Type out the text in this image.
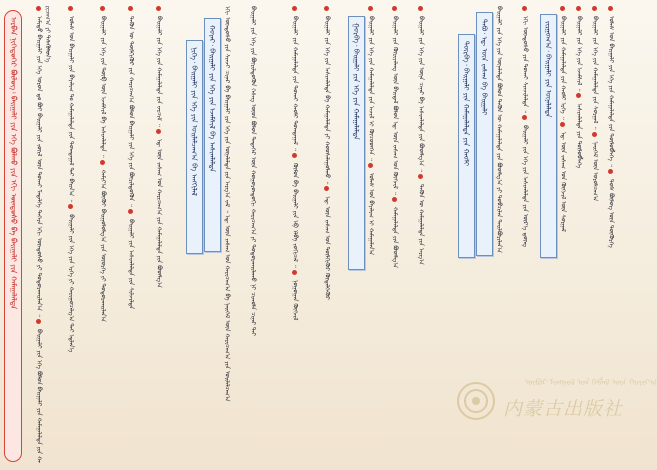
ᠠᠷᠪᠠᠨ ᠨᠢᠭᠡᠳᠦᠭᠡᠷ ᠪᠦᠯᠦᠭ᠄ ᠪᠠᠢᠭᠠᠯᠢ ᠶᠢᠨ ᠡᠬᠡ ᠪᠤᠯᠬᠤ ᠶᠢᠨ ᠡᠬᠢ ᠦᠨᠳᠦᠰᠦ ᠪᠠ ᠪᠠᠢᠭᠠᠯᠢ ᠶᠢᠨ ᠬᠠᠮᠠᠭᠠᠯᠠᠯᠲᠠ	ᠠᠮᠢᠳᠤ ᠪᠠᠢᠭᠠᠯᠢ ᠶᠢᠨ ᠡᠬᠡ ᠤᠷᠤᠨ ᠳᠤ ᠪᠤᠢ ᠪᠠᠢᠭᠠᠯᠢ ᠶᠢᠨ ᠵᠦᠢᠯ ᠦᠨ ᠲᠤᠬᠠᠢ ᠮᠡᠳᠡᠯᠭᠡ ᠳᠡᠭᠡᠷᠡ ᠡᠬᠢ ᠦᠨᠳᠦᠰᠦ ᠶᠢ ᠲᠣᠳᠣᠷᠬᠠᠢᠯᠠᠨ᠎ᠠ ᠃  ᠪᠠᠢᠭᠠᠯᠢ ᠶᠢᠨ ᠡᠬᠡ ᠪᠣᠯᠤᠨ ᠪᠠᠢᠭᠠᠯᠢ ᠶᠢᠨ ᠬᠠᠮᠠᠭᠠᠯᠠᠯᠲᠠ ᠶᠢᠨ ᠬᠠᠷᠢᠴᠠᠭ᠎ᠠ ᠶᠢ ᠲᠡᠯᠡᠭᠦᠯᠦᠨ᠎ᠡ	ᠤᠯᠠᠰ ᠤᠨ ᠪᠠᠢᠭᠠᠯᠢ ᠶᠢᠨ ᠪᠠᠶᠠᠯᠢᠭ ᠲᠤ ᠬᠠᠮᠠᠭᠠᠯᠠᠯᠲᠠ ᠶᠢᠨ ᠲᠣᠭᠲᠠᠭᠠᠯ ᠲᠠᠢ ᠪᠠᠢᠨ᠎ᠠ ᠃  ᠪᠠᠢᠭᠠᠯᠢ ᠶᠢᠨ ᠡᠬᠡ ᠶᠢᠨ ᠡᠷᠬᠡ ᠶᠢ ᠬᠠᠷᠢᠭᠤᠴᠠᠯᠭ᠎ᠠ ᠲᠠᠢ ᠡᠳ᠋ᠯᠡᠨ᠎ᠡ
ᠪᠠᠢᠭᠠᠯᠢ ᠶᠢᠨ ᠡᠬᠡ ᠶᠢᠨ ᠲᠦᠪ ᠦᠨ ᠡᠵᠡᠮᠰᠢᠯ ᠪᠠ ᠠᠰᠢᠭᠯᠠᠯᠲᠠ ᠃  ᠬᠠᠮᠢᠶ᠎ᠠ ᠪᠦᠬᠦᠢ ᠪᠠᠢᠭᠤᠯᠤᠯᠭ᠎ᠠ ᠶᠢᠨ ᠦᠦᠷᠭᠡ ᠶᠢ ᠲᠣᠳᠣᠷᠬᠠᠢᠯᠠᠨ᠎ᠠ
ᠲᠡᠭᠦᠨ ᠦ ᠲᠦᠯᠬᠢᠭᠦᠷ ᠶᠢᠨ ᠬᠠᠷᠢᠴᠠᠭ᠎ᠠ ᠪᠣᠯᠤᠨ ᠪᠠᠢᠭᠠᠯᠢ ᠶᠢᠨ ᠡᠬᠡ ᠶᠢᠨ ᠪᠦᠷᠢᠯᠳᠦᠭᠦᠨ ᠃  ᠪᠠᠢᠭᠠᠯᠢ ᠶᠢᠨ ᠠᠰᠢᠭᠯᠠᠯᠲᠠ ᠶᠢᠨ ᠰᠢᠯᠵᠢᠯᠲᠡ
ᠪᠠᠢᠭᠠᠯᠢ ᠶᠢᠨ ᠡᠬᠡ ᠶᠢᠨ ᠬᠠᠮᠠᠭᠠᠯᠠᠯᠲᠠ ᠶᠢᠨ ᠵᠠᠷᠴᠢᠮ ᠃  ᠡᠳ᠋ ᠦᠨ ᠵᠠᠰᠠᠭ ᠤᠨ ᠬᠠᠷᠢᠴᠠᠭ᠎ᠠ ᠶᠢᠨ ᠬᠠᠮᠠᠭᠠᠯᠠᠯᠲᠠ ᠶᠢᠨ ᠪᠣᠳᠯᠭ᠎ᠠ
ᠨᠢᠭᠡ᠂ ᠪᠠᠢᠭᠠᠯᠢ ᠶᠢᠨ ᠡᠬᠡ ᠶᠢᠨ ᠤᠢᠯᠠᠯᠴᠠᠭ᠎ᠠ ᠪᠠ ᠠᠩᠬᠢᠯᠠᠯ	ᠬᠣᠶᠠᠷ᠂ ᠪᠠᠢᠭᠠᠯᠢ ᠶᠢᠨ ᠡᠬᠡ ᠶᠢᠨ ᠡᠵᠡᠮᠰᠢᠯ ᠪᠠ ᠠᠰᠢᠭᠯᠠᠯᠲᠠ	ᠡᠬᠢ ᠦᠨᠳᠦᠰᠦ ᠶᠢᠨ ᠰᠢᠨᠵᠢ ᠴᠢᠨᠠᠷ ᠪᠠ ᠪᠠᠢᠭᠠᠯᠢ ᠶᠢᠨ ᠡᠬᠡ ᠶᠢᠨ ᠦᠨᠡᠯᠡᠯᠲᠡ ᠶᠢᠨ ᠠᠷᠭ᠎ᠠ ᠵᠠᠮ ᠃ ᠡᠳ᠋ ᠦᠨ ᠵᠠᠰᠠᠭ ᠤᠨ ᠬᠠᠷᠢᠴᠠᠭ᠎ᠠ ᠪᠠ ᠨᠡᠢᠭᠡᠮ ᠦᠨ ᠬᠠᠷᠢᠴᠠᠭ᠎ᠠ ᠶᠢᠨ ᠤᠢᠯᠠᠯᠴᠠᠭ᠎ᠠ	ᠪᠠᠢᠭᠠᠯᠢ ᠶᠢᠨ ᠡᠬᠡ ᠶᠢᠨ ᠪᠦᠷᠢᠯᠳᠦᠬᠦᠨ ᠬᠡᠰᠡᠭ ᠦᠳ ᠪᠣᠯᠤᠨ ᠲᠡᠳᠡᠭᠡᠷ ᠦᠨ ᠬᠣᠭᠣᠷᠣᠨᠳᠣᠬᠢ ᠬᠠᠷᠢᠴᠠᠭ᠎ᠠ ᠶᠢ ᠲᠣᠳᠣᠷᠬᠠᠢᠯᠠᠬᠤ ᠨᠢ ᠴᠢᠬᠤᠯᠠ ᠴᠢᠨᠠᠷ ᠲᠠᠢ	ᠪᠠᠢᠭᠠᠯᠢ ᠶᠢᠨ ᠬᠠᠮᠠᠭᠠᠯᠠᠯᠲᠠ ᠶᠢᠨ ᠲᠤᠬᠠᠢ ᠬᠠᠤᠯᠢ ᠲᠣᠭᠲᠠᠭᠠᠯ ᠃  ᠬᠦᠮᠦᠨ ᠪᠠ ᠪᠠᠢᠭᠠᠯᠢ ᠶᠢᠨ ᠡᠪ ᠡᠯᠪᠡ ᠵᠣᠬᠢᠴᠠᠯ ᠃  ᠨᠣᠭᠣᠭᠠᠨ ᠬᠥᠭᠵᠢᠯ
ᠪᠠᠢᠭᠠᠯᠢ ᠶᠢᠨ ᠡᠬᠡ ᠶᠢᠨ ᠠᠰᠢᠭᠯᠠᠯᠲᠠ ᠪᠠ ᠬᠠᠮᠠᠭᠠᠯᠠᠯᠲᠠ ᠶᠢ ᠬᠣᠣᠰᠠᠯᠠᠭᠤᠯᠬᠤ ᠃  ᠡᠳ᠋ ᠦᠨ ᠵᠠᠰᠠᠭ ᠤᠨ ᠲᠦᠯᠬᠢᠭᠦᠷ ᠬᠥᠳᠡᠯᠭᠡᠭᠦᠷ
ᠭᠤᠷᠪᠠ᠂ ᠪᠠᠢᠭᠠᠯᠢ ᠶᠢᠨ ᠡᠬᠡ ᠶᠢᠨ ᠬᠠᠮᠠᠭᠠᠯᠠᠯᠲᠠ	ᠪᠠᠢᠭᠠᠯᠢ ᠶᠢᠨ ᠡᠬᠡ ᠶᠢᠨ ᠬᠠᠮᠠᠭᠠᠯᠠᠯᠲᠠ ᠶᠢᠨ ᠠᠵᠢᠯ ᠢ ᠬᠦᠴᠦᠳᠭᠡᠨ ᠃  ᠤᠯᠠᠰ ᠤᠨ ᠪᠠᠶᠠᠯᠢᠭ ᠢ ᠬᠠᠮᠠᠭᠠᠯᠠᠨ᠎ᠠ
ᠪᠠᠢᠭᠠᠯᠢ ᠶᠢᠨ ᠬᠦᠷᠢᠶᠡᠯᠡᠩ ᠦᠨ ᠪᠠᠢᠳᠠᠯ ᠪᠣᠯᠤᠨ ᠡᠳ᠋ ᠦᠨ ᠵᠠᠰᠠᠭ ᠤᠨ ᠬᠥᠭᠵᠢᠯ ᠃  ᠬᠠᠮᠠᠭᠠᠯᠠᠯᠲᠠ ᠶᠢᠨ ᠪᠣᠳᠯᠭ᠎ᠠ
ᠪᠠᠢᠭᠠᠯᠢ ᠶᠢᠨ ᠡᠬᠡ ᠶᠢᠨ ᠦᠨᠡ ᠴᠠᠨᠠᠷ ᠪᠠ ᠠᠰᠢᠭᠯᠠᠯᠲᠠ ᠶᠢᠨ ᠪᠣᠳᠯᠭ᠎ᠠ ᠃  ᠲᠡᠭᠦᠨ ᠦ ᠬᠠᠮᠠᠭᠠᠯᠠᠯᠲᠠ ᠶᠢᠨ ᠠᠷᠭ᠎ᠠ
ᠳᠥᠷᠪᠡ᠂ ᠪᠠᠢᠭᠠᠯᠢ ᠶᠢᠨ ᠬᠠᠮᠠᠭᠠᠯᠠᠯᠲᠠ ᠶᠢᠨ ᠬᠠᠤᠯᠢ	ᠲᠠᠪᠤ᠂ ᠡᠳ᠋ ᠦᠨ ᠵᠠᠰᠠᠭ ᠪᠠ ᠪᠠᠢᠭᠠᠯᠢ	ᠪᠠᠢᠭᠠᠯᠢ ᠶᠢᠨ ᠡᠬᠡ ᠶᠢᠨ ᠦᠨᠡᠯᠡᠯᠲᠡ ᠪᠣᠯᠤᠨ ᠲᠡᠭᠦᠨ ᠦ ᠬᠠᠮᠠᠭᠠᠯᠠᠯᠲᠠ ᠶᠢᠨ ᠪᠣᠳᠯᠭ᠎ᠠ ᠶᠢ ᠲᠣᠪᠴᠢᠯᠠᠨ ᠲᠠᠢᠯᠪᠤᠷᠢᠯᠠᠨ᠎ᠠ	ᠡᠬᠢ ᠦᠨᠳᠦᠰᠦ ᠶᠢᠨ ᠲᠤᠬᠠᠢ ᠰᠢᠨᠵᠢᠯᠡᠯᠲᠡ ᠃  ᠪᠠᠢᠭᠠᠯᠢ ᠶᠢᠨ ᠡᠬᠡ ᠶᠢᠨ ᠠᠰᠢᠭᠯᠠᠯᠲᠠ ᠶᠢᠨ ᠦᠷ᠎ᠡ ᠳ᠋ᠦᠩ
ᠵᠢᠷᠭᠤᠭ᠎ᠠ᠂ ᠪᠠᠢᠭᠠᠯᠢ ᠶᠢᠨ ᠦᠨᠡᠯᠡᠯᠲᠡ	ᠪᠠᠢᠭᠠᠯᠢ ᠶᠢᠨ ᠬᠠᠮᠠᠭᠠᠯᠠᠯᠲᠠ ᠶᠢᠨ ᠬᠠᠤᠯᠢ ᠡᠷᠬᠡ ᠃  ᠡᠳ᠋ ᠦᠨ ᠵᠠᠰᠠᠭ ᠤᠨ ᠬᠥᠭᠵᠢᠯ ᠦᠨ ᠰᠤᠷᠭᠠᠯ
ᠪᠠᠢᠭᠠᠯᠢ ᠶᠢᠨ ᠡᠬᠡ ᠶᠢᠨ ᠡᠵᠡᠮᠰᠢᠯ ᠃  ᠠᠰᠢᠭᠯᠠᠯᠲᠠ ᠶᠢᠨ ᠲᠥᠯᠥᠪᠯᠡᠭᠡ
ᠪᠠᠢᠭᠠᠯᠢ ᠶᠢᠨ ᠡᠬᠡ ᠶᠢᠨ ᠬᠠᠮᠠᠭᠠᠯᠠᠯᠲᠠ ᠶᠢᠨ ᠰᠤᠷᠭᠠᠯ ᠃  ᠨᠡᠢᠭᠡᠮ ᠦᠨ ᠣᠷᠣᠯᠴᠠᠭ᠎ᠠ
ᠤᠯᠠᠰ ᠤᠨ ᠪᠠᠢᠭᠠᠯᠢ ᠶᠢᠨ ᠡᠬᠡ ᠶᠢᠨ ᠬᠠᠮᠠᠭᠠᠯᠠᠯᠲᠠ ᠶᠢᠨ ᠲᠥᠯᠥᠪᠯᠡᠭᠡ ᠃  ᠲᠤᠰ ᠪᠦᠯᠦᠭ ᠦᠨ ᠳᠦᠭᠦᠷᠭᠡ
ᠦᠪᠦᠷ ᠮᠣᠩᠭᠣᠯ ᠤᠨ ᠬᠡᠪᠯᠡᠯ ᠦᠨ ᠬᠣᠷᠢᠶ᠎ᠠ
内蒙古出版社
